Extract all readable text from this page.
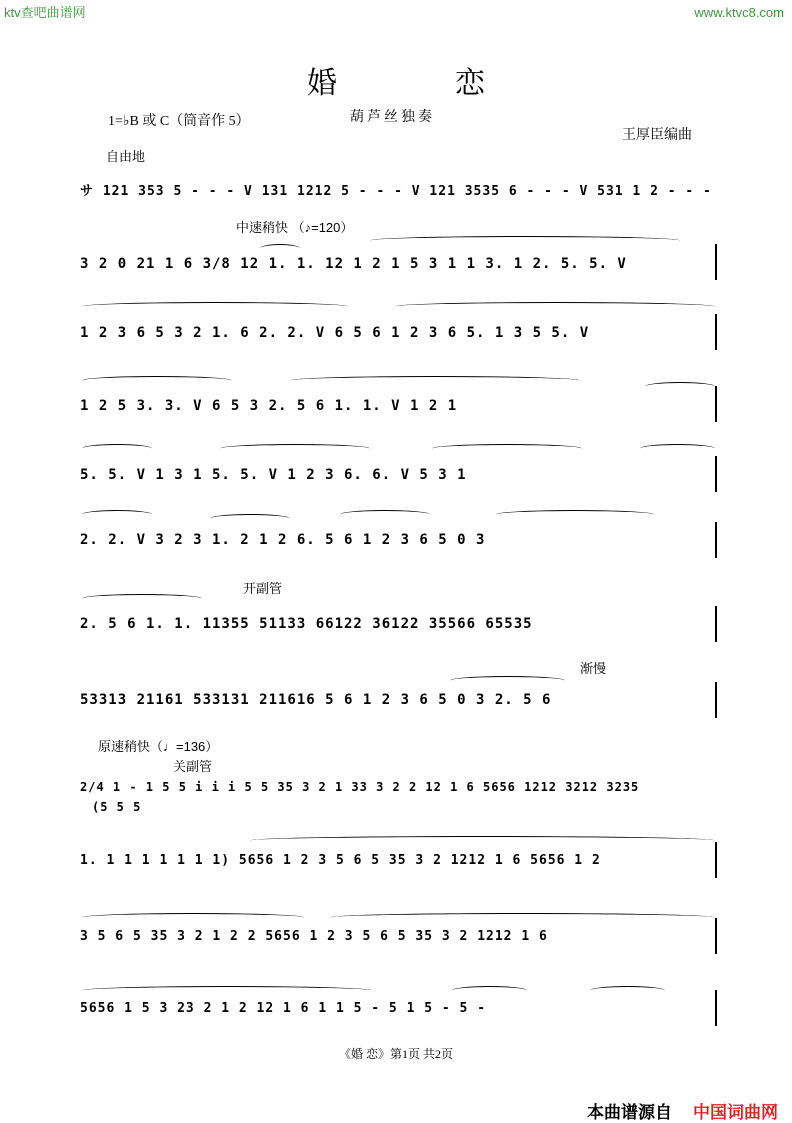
ktv查吧曲谱网	www.ktvc8.com
婚恋
1=♭B 或 C（筒音作 5）	葫芦丝独奏
王厚臣编曲
自由地
中速稍快 （♪=120）
开副管
渐慢
原速稍快（♩=136）
关副管
サ 121 353 5 - - - V 131 1212 5 - - - V 121 3535 6 - - - V 531 1 2 - - -
3 2 0 21 1 6 3/8 12 1. 1. 12 1 2 1 5 3 1 1 3. 1 2. 5. 5. V
1 2 3 6 5 3 2 1. 6 2. 2. V 6 5 6 1 2 3 6 5. 1 3 5 5. V
1 2 5 3. 3. V 6 5 3 2. 5 6 1. 1. V 1 2 1
5. 5. V 1 3 1 5. 5. V 1 2 3 6. 6. V 5 3 1
2. 2. V 3 2 3 1. 2 1 2 6. 5 6 1 2 3 6 5 0 3
2. 5 6 1. 1. 11355 51133 66122 36122 35566 65535
53313 21161 533131 211616 5 6 1 2 3 6 5 0 3 2. 5 6
2/4 1 - 1 5 5 i i i 5 5 35 3 2 1 33 3 2 2 12 1 6 5656 1212 3212 3235
(5 5 5
1. 1 1 1 1 1 1 1) 5656 1 2 3 5 6 5 35 3 2 1212 1 6 5656 1 2
3 5 6 5 35 3 2 1 2 2 5656 1 2 3 5 6 5 35 3 2 1212 1 6
5656 1 5 3 23 2 1 2 12 1 6 1 1 5 - 5 1 5 - 5 -
《婚 恋》第1页 共2页
本曲谱源自 中国词曲网
